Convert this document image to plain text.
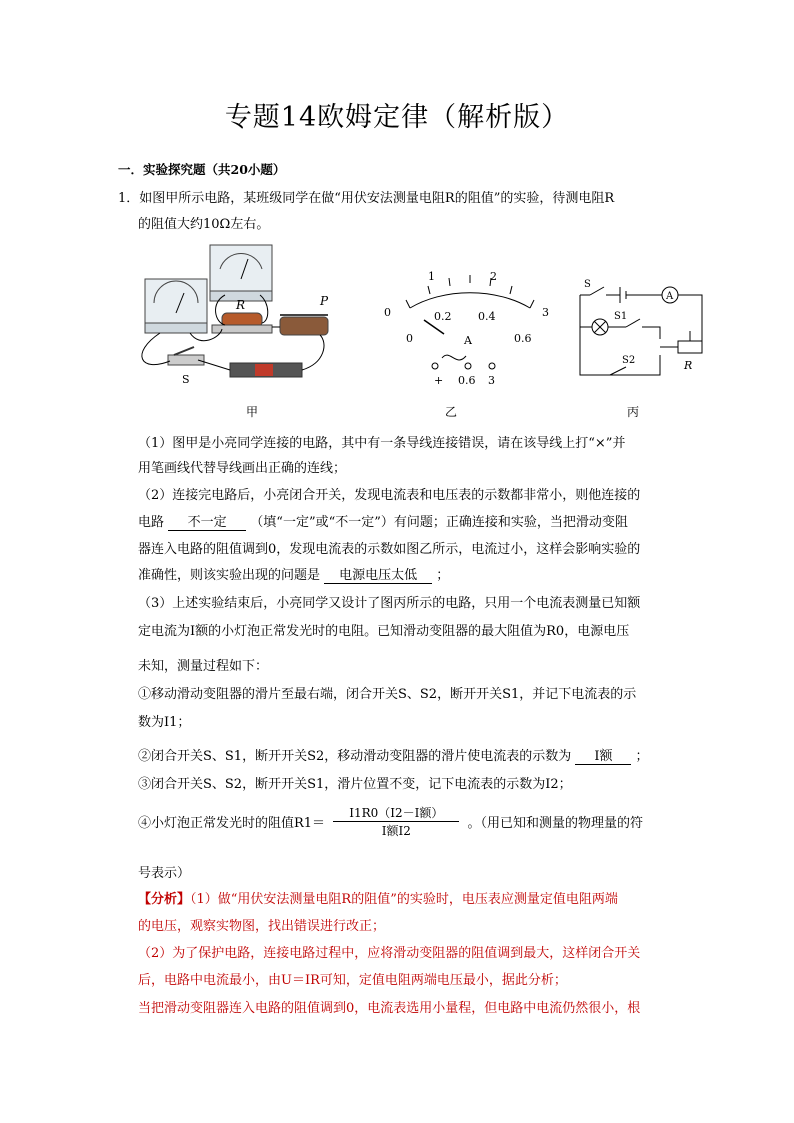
专题14欧姆定律（解析版）
一．实验探究题（共20小题）
1．如图甲所示电路，某班级同学在做“用伏安法测量电阻R的阻值”的实验，待测电阻R
的阻值大约10Ω左右。
R	P
S
0
1	2
3
0
0.2 0.4
0.6
A
+ 0.6 3
S
S1
S2
A
R
甲	乙	丙
（1）图甲是小亮同学连接的电路，其中有一条导线连接错误，请在该导线上打“×”并
用笔画线代替导线画出正确的连线；
（2）连接完电路后，小亮闭合开关，发现电流表和电压表的示数都非常小，则他连接的
电路 不一定 （填“一定”或“不一定”）有问题；正确连接和实验，当把滑动变阻
器连入电路的阻值调到0，发现电流表的示数如图乙所示，电流过小，这样会影响实验的
准确性，则该实验出现的问题是 电源电压太低 ；
（3）上述实验结束后，小亮同学又设计了图丙所示的电路，只用一个电流表测量已知额
定电流为I额的小灯泡正常发光时的电阻。已知滑动变阻器的最大阻值为R0，电源电压
未知，测量过程如下：
①移动滑动变阻器的滑片至最右端，闭合开关S、S2，断开开关S1，并记下电流表的示
数为I1；
②闭合开关S、S1，断开开关S2，移动滑动变阻器的滑片使电流表的示数为 I额 ；
③闭合开关S、S2，断开开关S1，滑片位置不变，记下电流表的示数为I2；
④小灯泡正常发光时的阻值R1＝
I1R0（I2－I额）
I额I2	。（用已知和测量的物理量的符
号表示）
【分析】（1）做“用伏安法测量电阻R的阻值”的实验时，电压表应测量定值电阻两端
的电压，观察实物图，找出错误进行改正；
（2）为了保护电路，连接电路过程中，应将滑动变阻器的阻值调到最大，这样闭合开关
后，电路中电流最小，由U＝IR可知，定值电阻两端电压最小，据此分析；
当把滑动变阻器连入电路的阻值调到0，电流表选用小量程，但电路中电流仍然很小，根
